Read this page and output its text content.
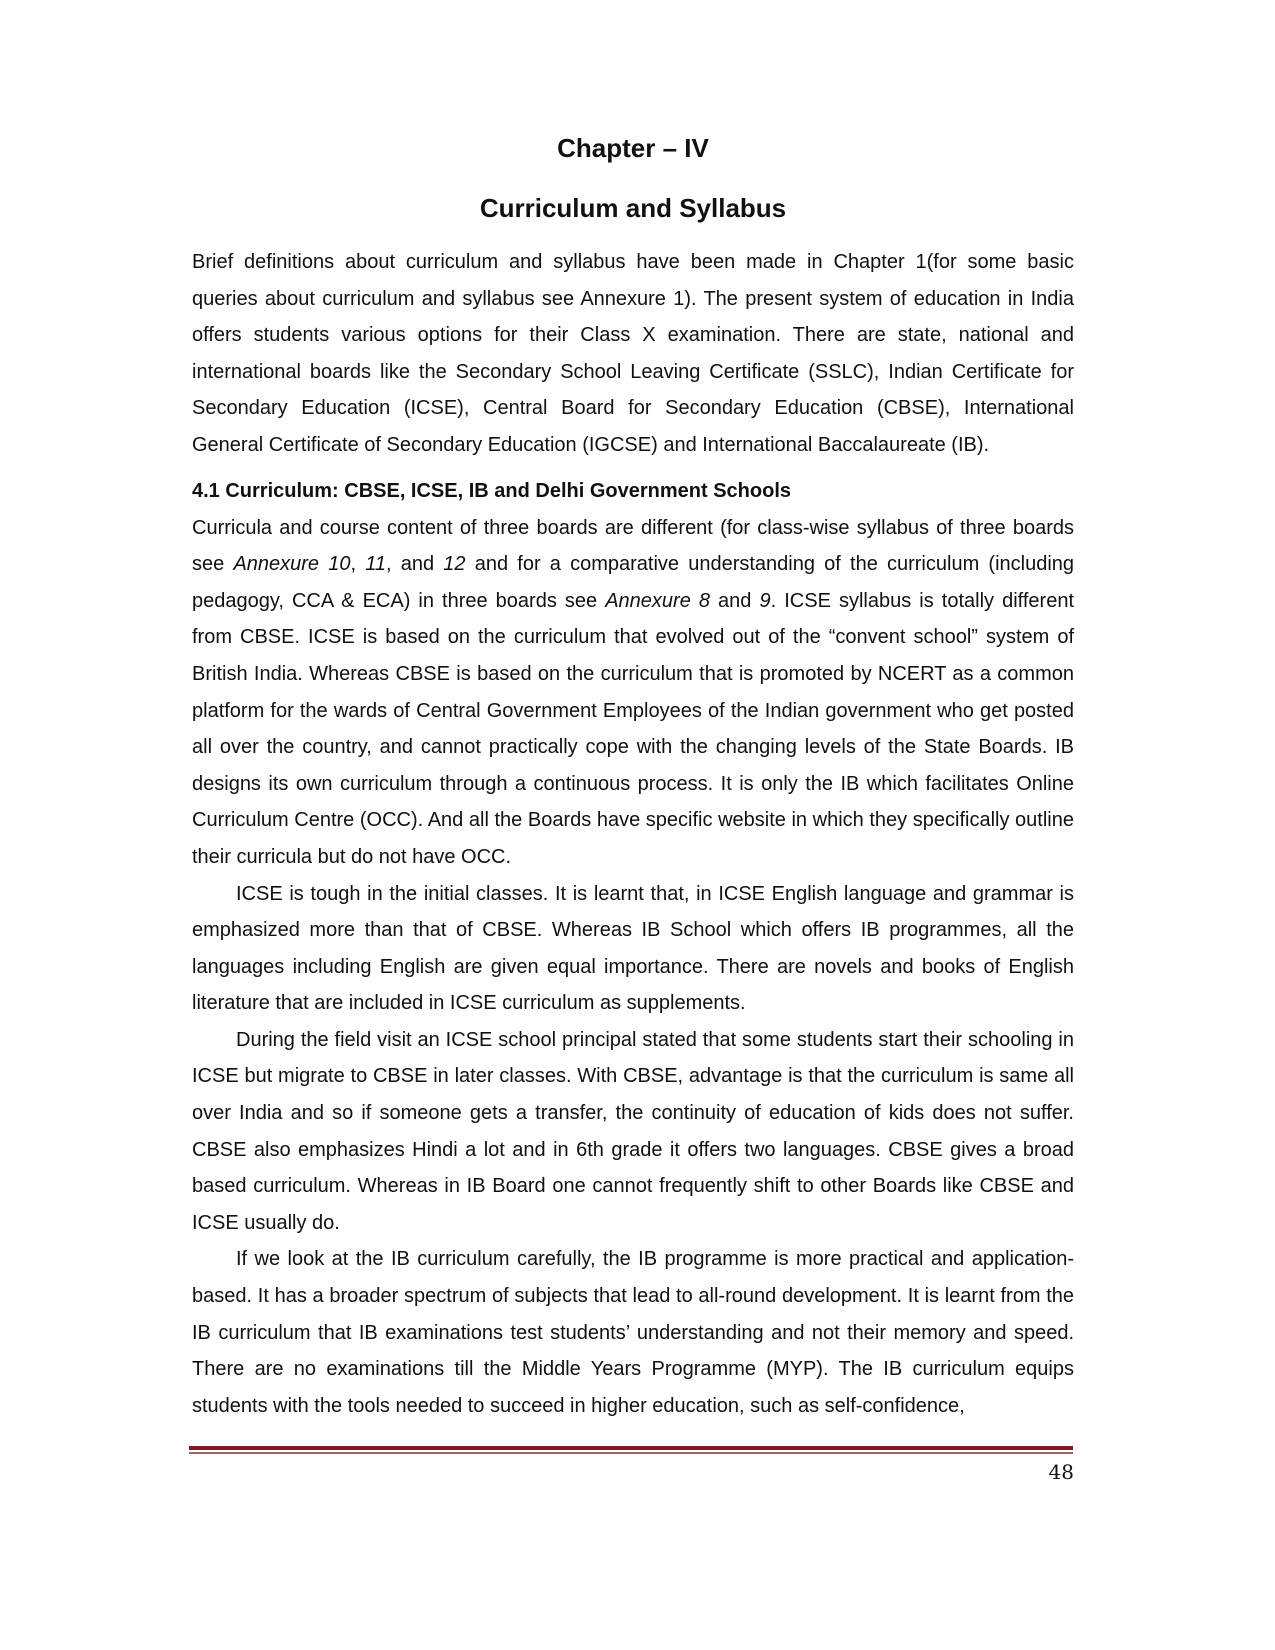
Chapter – IV
Curriculum and Syllabus

Brief definitions about curriculum and syllabus have been made in Chapter 1(for some basic queries about curriculum and syllabus see Annexure 1). The present system of education in India offers students various options for their Class X examination. There are state, national and international boards like the Secondary School Leaving Certificate (SSLC), Indian Certificate for Secondary Education (ICSE), Central Board for Secondary Education (CBSE), International General Certificate of Secondary Education (IGCSE) and International Baccalaureate (IB).

4.1 Curriculum: CBSE, ICSE, IB and Delhi Government Schools

Curricula and course content of three boards are different (for class-wise syllabus of three boards see Annexure 10, 11, and 12 and for a comparative understanding of the curriculum (including pedagogy, CCA & ECA) in three boards see Annexure 8 and 9. ICSE syllabus is totally different from CBSE. ICSE is based on the curriculum that evolved out of the “convent school” system of British India. Whereas CBSE is based on the curriculum that is promoted by NCERT as a common platform for the wards of Central Government Employees of the Indian government who get posted all over the country, and cannot practically cope with the changing levels of the State Boards. IB designs its own curriculum through a continuous process. It is only the IB which facilitates Online Curriculum Centre (OCC). And all the Boards have specific website in which they specifically outline their curricula but do not have OCC.

ICSE is tough in the initial classes. It is learnt that, in ICSE English language and grammar is emphasized more than that of CBSE. Whereas IB School which offers IB programmes, all the languages including English are given equal importance. There are novels and books of English literature that are included in ICSE curriculum as supplements.

During the field visit an ICSE school principal stated that some students start their schooling in ICSE but migrate to CBSE in later classes. With CBSE, advantage is that the curriculum is same all over India and so if someone gets a transfer, the continuity of education of kids does not suffer. CBSE also emphasizes Hindi a lot and in 6th grade it offers two languages. CBSE gives a broad based curriculum. Whereas in IB Board one cannot frequently shift to other Boards like CBSE and ICSE usually do.

If we look at the IB curriculum carefully, the IB programme is more practical and application-based. It has a broader spectrum of subjects that lead to all-round development. It is learnt from the IB curriculum that IB examinations test students’ understanding and not their memory and speed. There are no examinations till the Middle Years Programme (MYP). The IB curriculum equips students with the tools needed to succeed in higher education, such as self-confidence,

48
